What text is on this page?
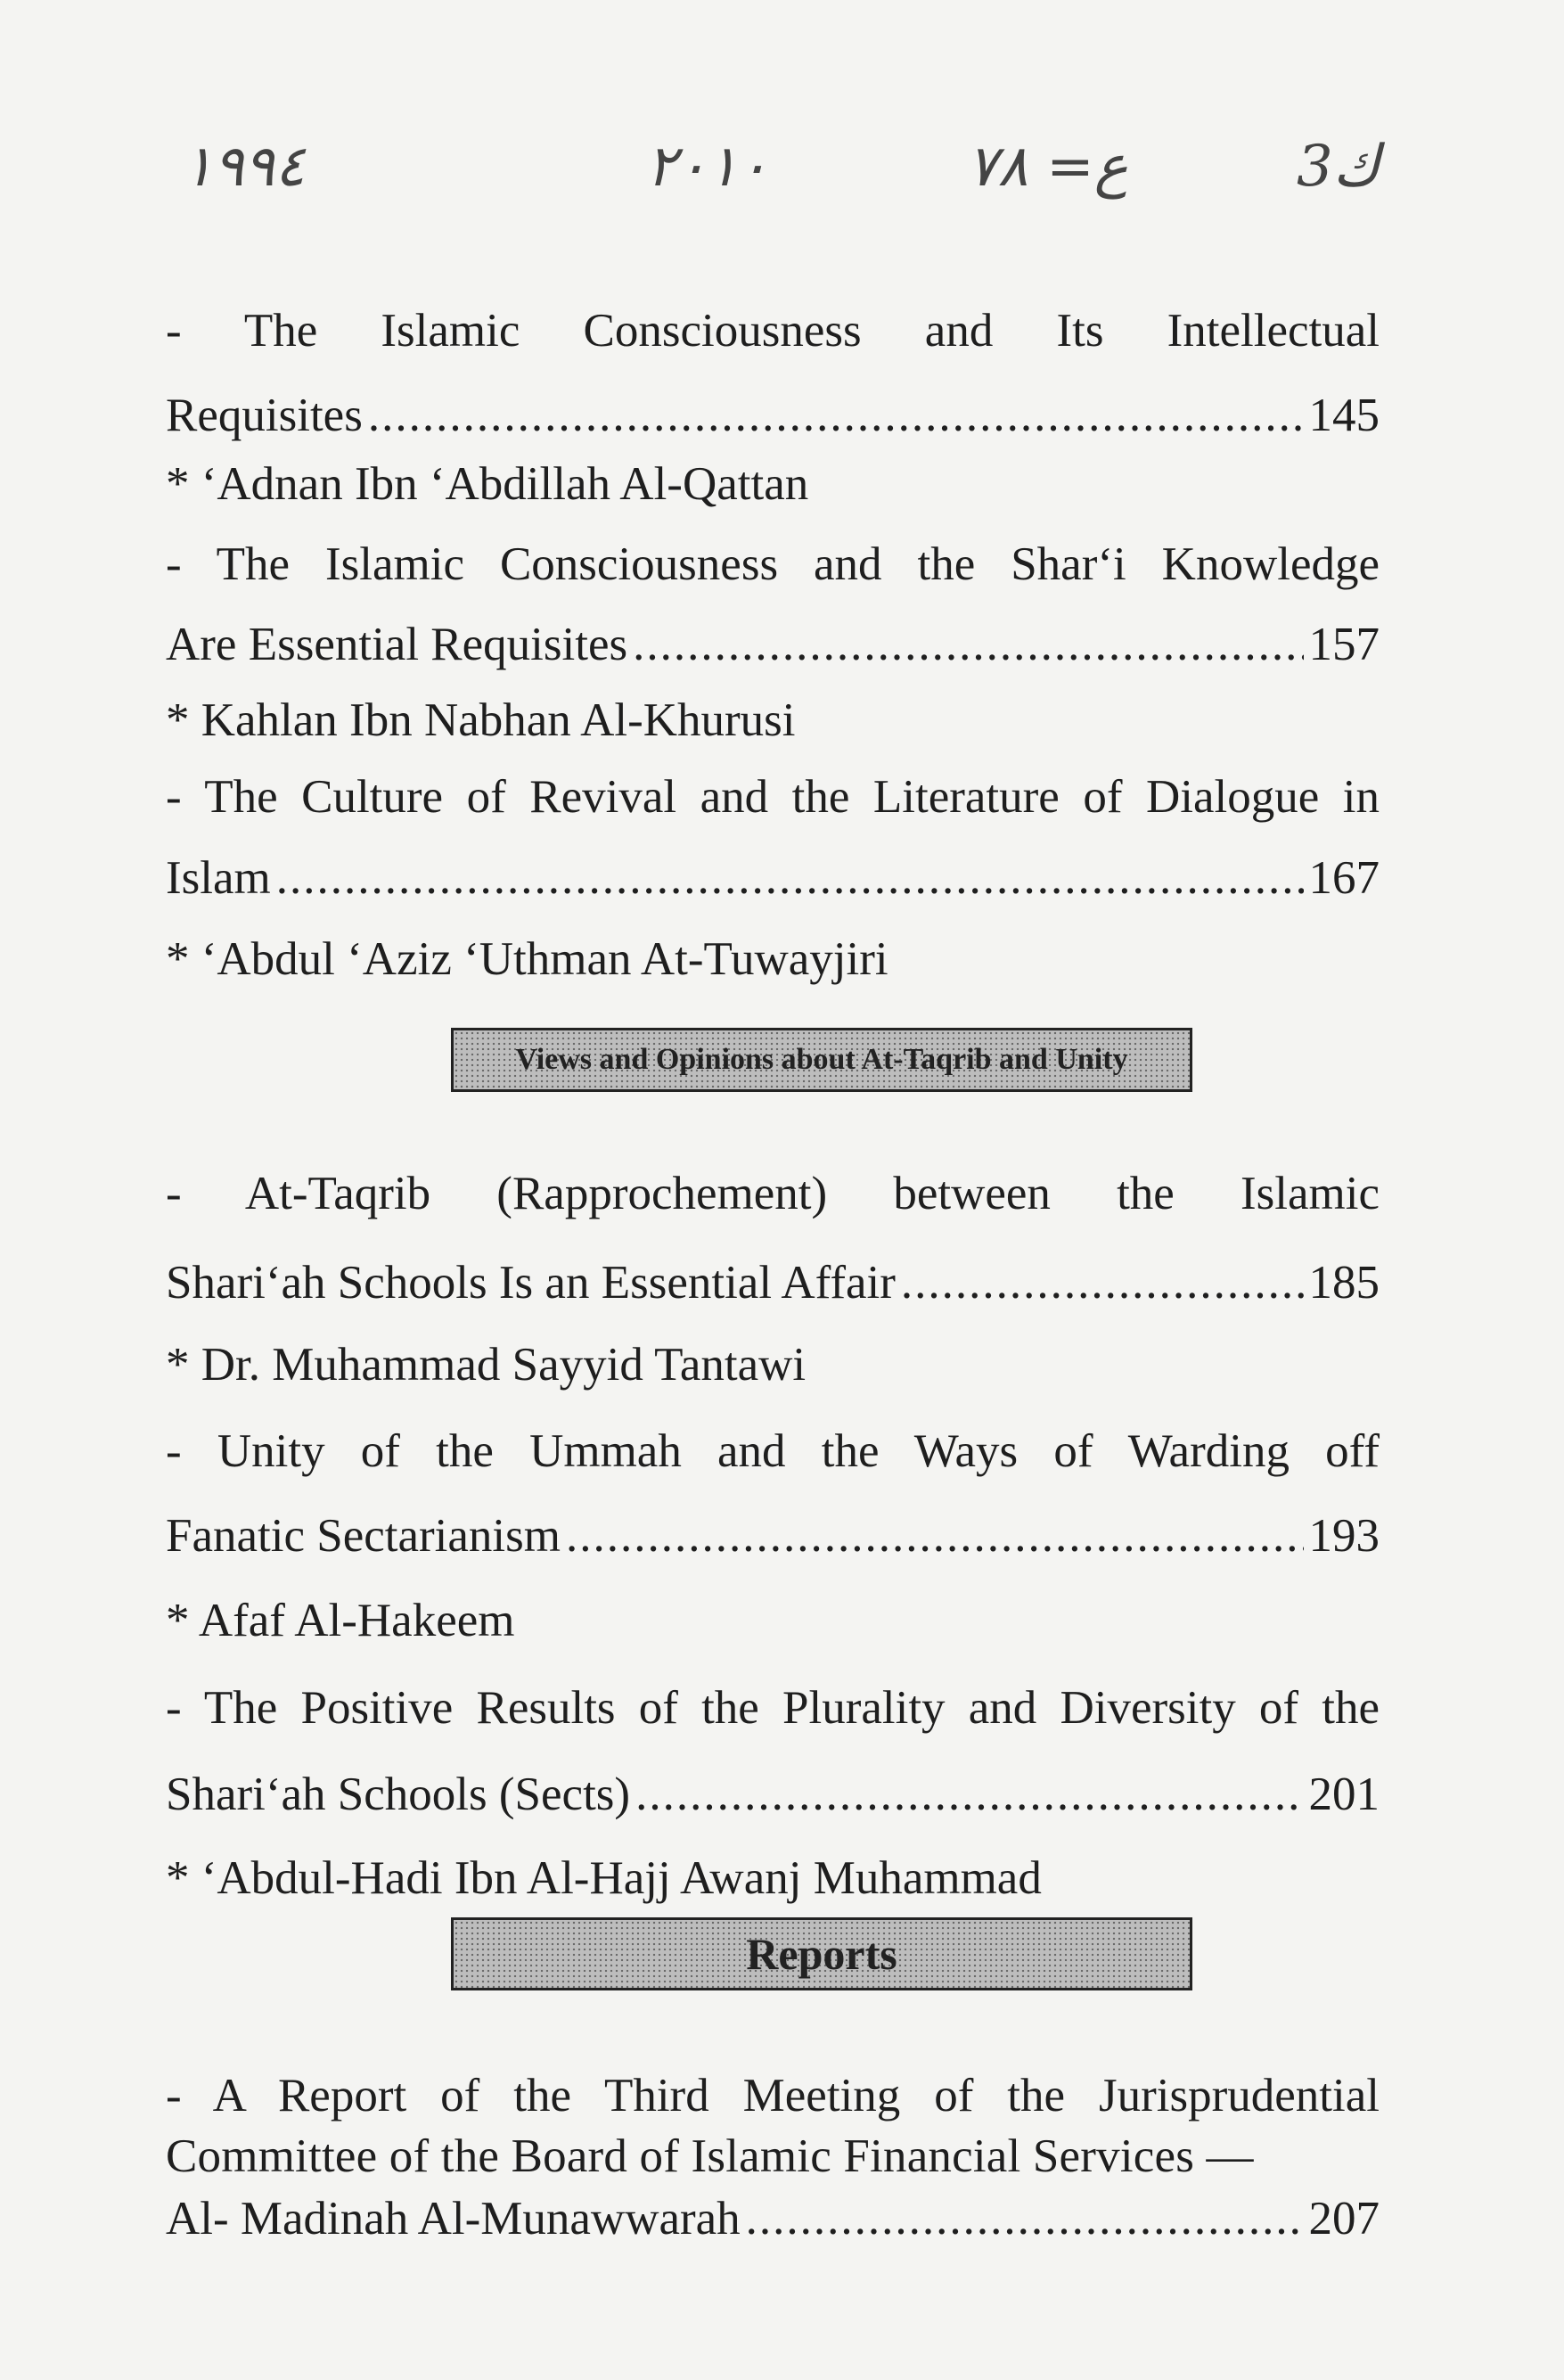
١٩٩٤	٢٠١٠	ع= ٧٨	ك3
- The Islamic Consciousness and Its Intellectual
Requisites .....	145
* ‘Adnan Ibn ‘Abdillah Al-Qattan
- The Islamic Consciousness and the Shar‘i Knowledge
Are Essential Requisites .....	157
* Kahlan Ibn Nabhan Al-Khurusi
- The Culture of Revival and the Literature of Dialogue in
Islam .....	167
* ‘Abdul ‘Aziz ‘Uthman At-Tuwayjiri
- At-Taqrib (Rapprochement) between the Islamic
Shari‘ah Schools Is an Essential Affair .....	185
* Dr. Muhammad Sayyid Tantawi
- Unity of the Ummah and the Ways of Warding off
Fanatic Sectarianism .....	193
* Afaf Al-Hakeem
- The Positive Results of the Plurality and Diversity of the
Shari‘ah Schools (Sects) .....	201
* ‘Abdul-Hadi Ibn Al-Hajj Awanj Muhammad
- A Report of the Third Meeting of the Jurisprudential
Committee of the Board of Islamic Financial Services —
Al- Madinah Al-Munawwarah .....	207
Views and Opinions about At-Taqrib and Unity
Reports
